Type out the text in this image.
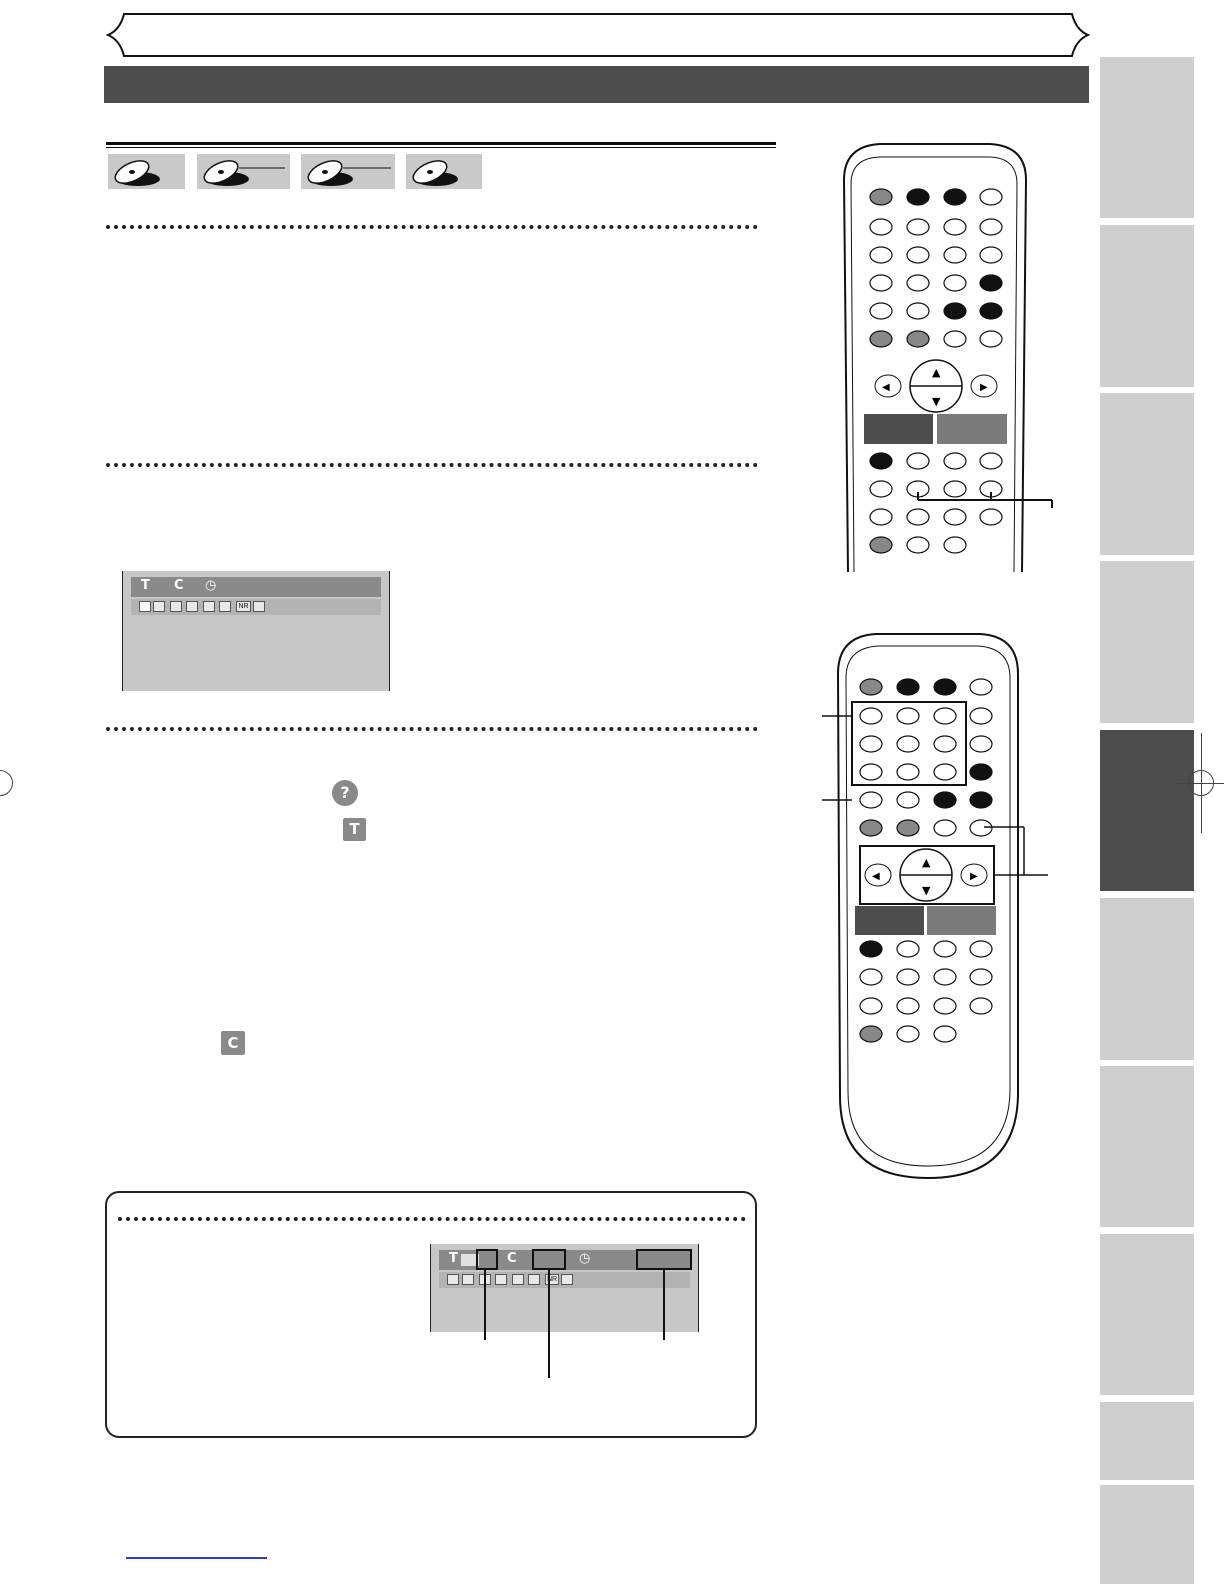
T C ◷
NR
?
T
C
T	C	◷
NR
▲
▼
◀	▶
▲
▼
◀	▶
